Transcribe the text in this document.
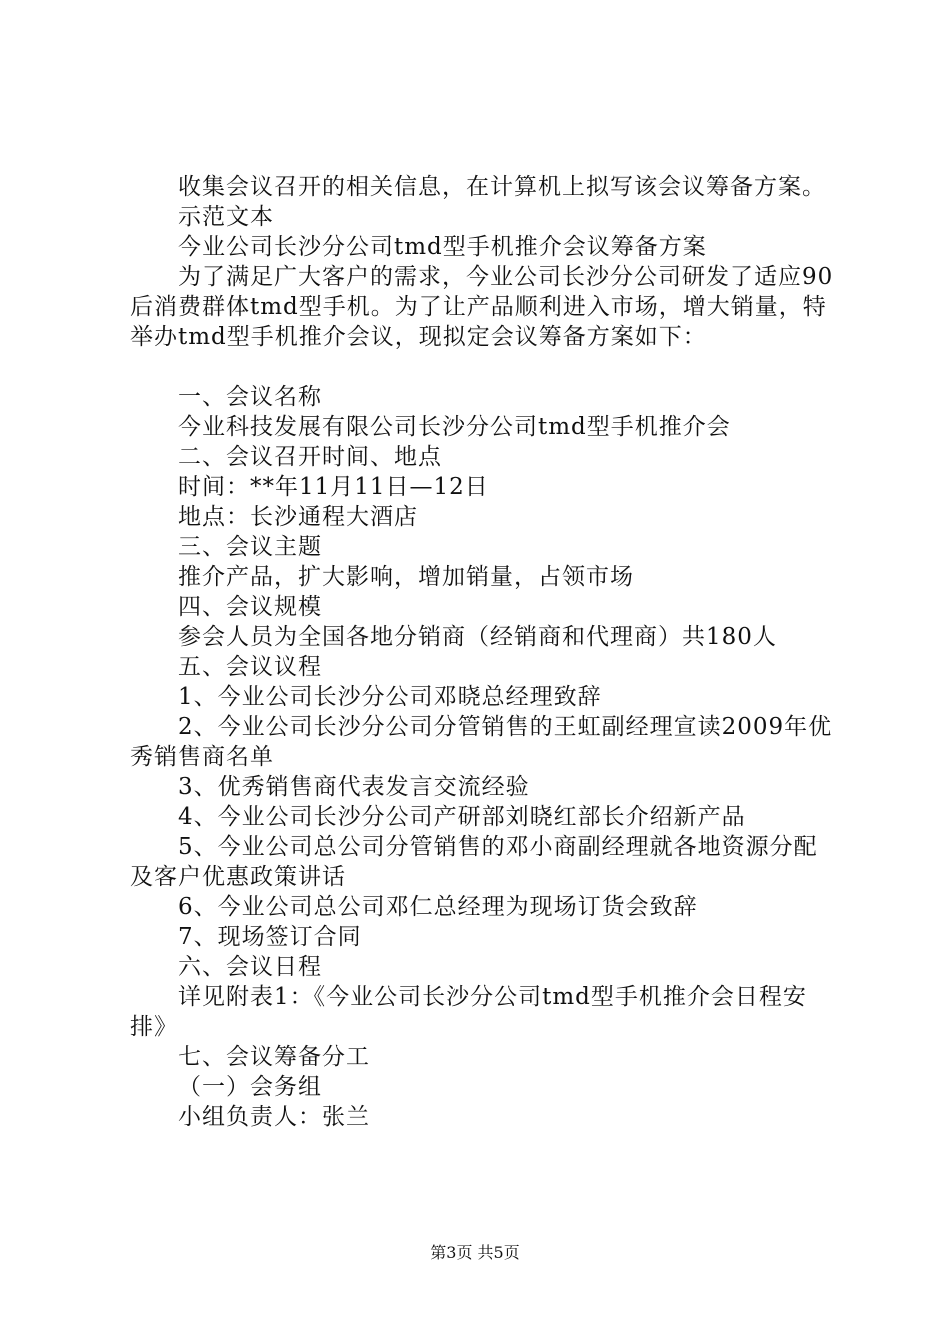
收集会议召开的相关信息，在计算机上拟写该会议筹备方案。

示范文本

今业公司长沙分公司tmd型手机推介会议筹备方案

为了满足广大客户的需求，今业公司长沙分公司研发了适应90后消费群体tmd型手机。为了让产品顺利进入市场，增大销量，特举办tmd型手机推介会议，现拟定会议筹备方案如下：

一、会议名称

今业科技发展有限公司长沙分公司tmd型手机推介会

二、会议召开时间、地点

时间：**年11月11日—12日

地点：长沙通程大酒店

三、会议主题

推介产品，扩大影响，增加销量，占领市场

四、会议规模

参会人员为全国各地分销商（经销商和代理商）共180人

五、会议议程

1、今业公司长沙分公司邓晓总经理致辞

2、今业公司长沙分公司分管销售的王虹副经理宣读2009年优秀销售商名单

3、优秀销售商代表发言交流经验

4、今业公司长沙分公司产研部刘晓红部长介绍新产品

5、今业公司总公司分管销售的邓小商副经理就各地资源分配及客户优惠政策讲话

6、今业公司总公司邓仁总经理为现场订货会致辞

7、现场签订合同

六、会议日程

详见附表1：《今业公司长沙分公司tmd型手机推介会日程安排》

七、会议筹备分工

（一）会务组

小组负责人：张兰

第3页 共5页
